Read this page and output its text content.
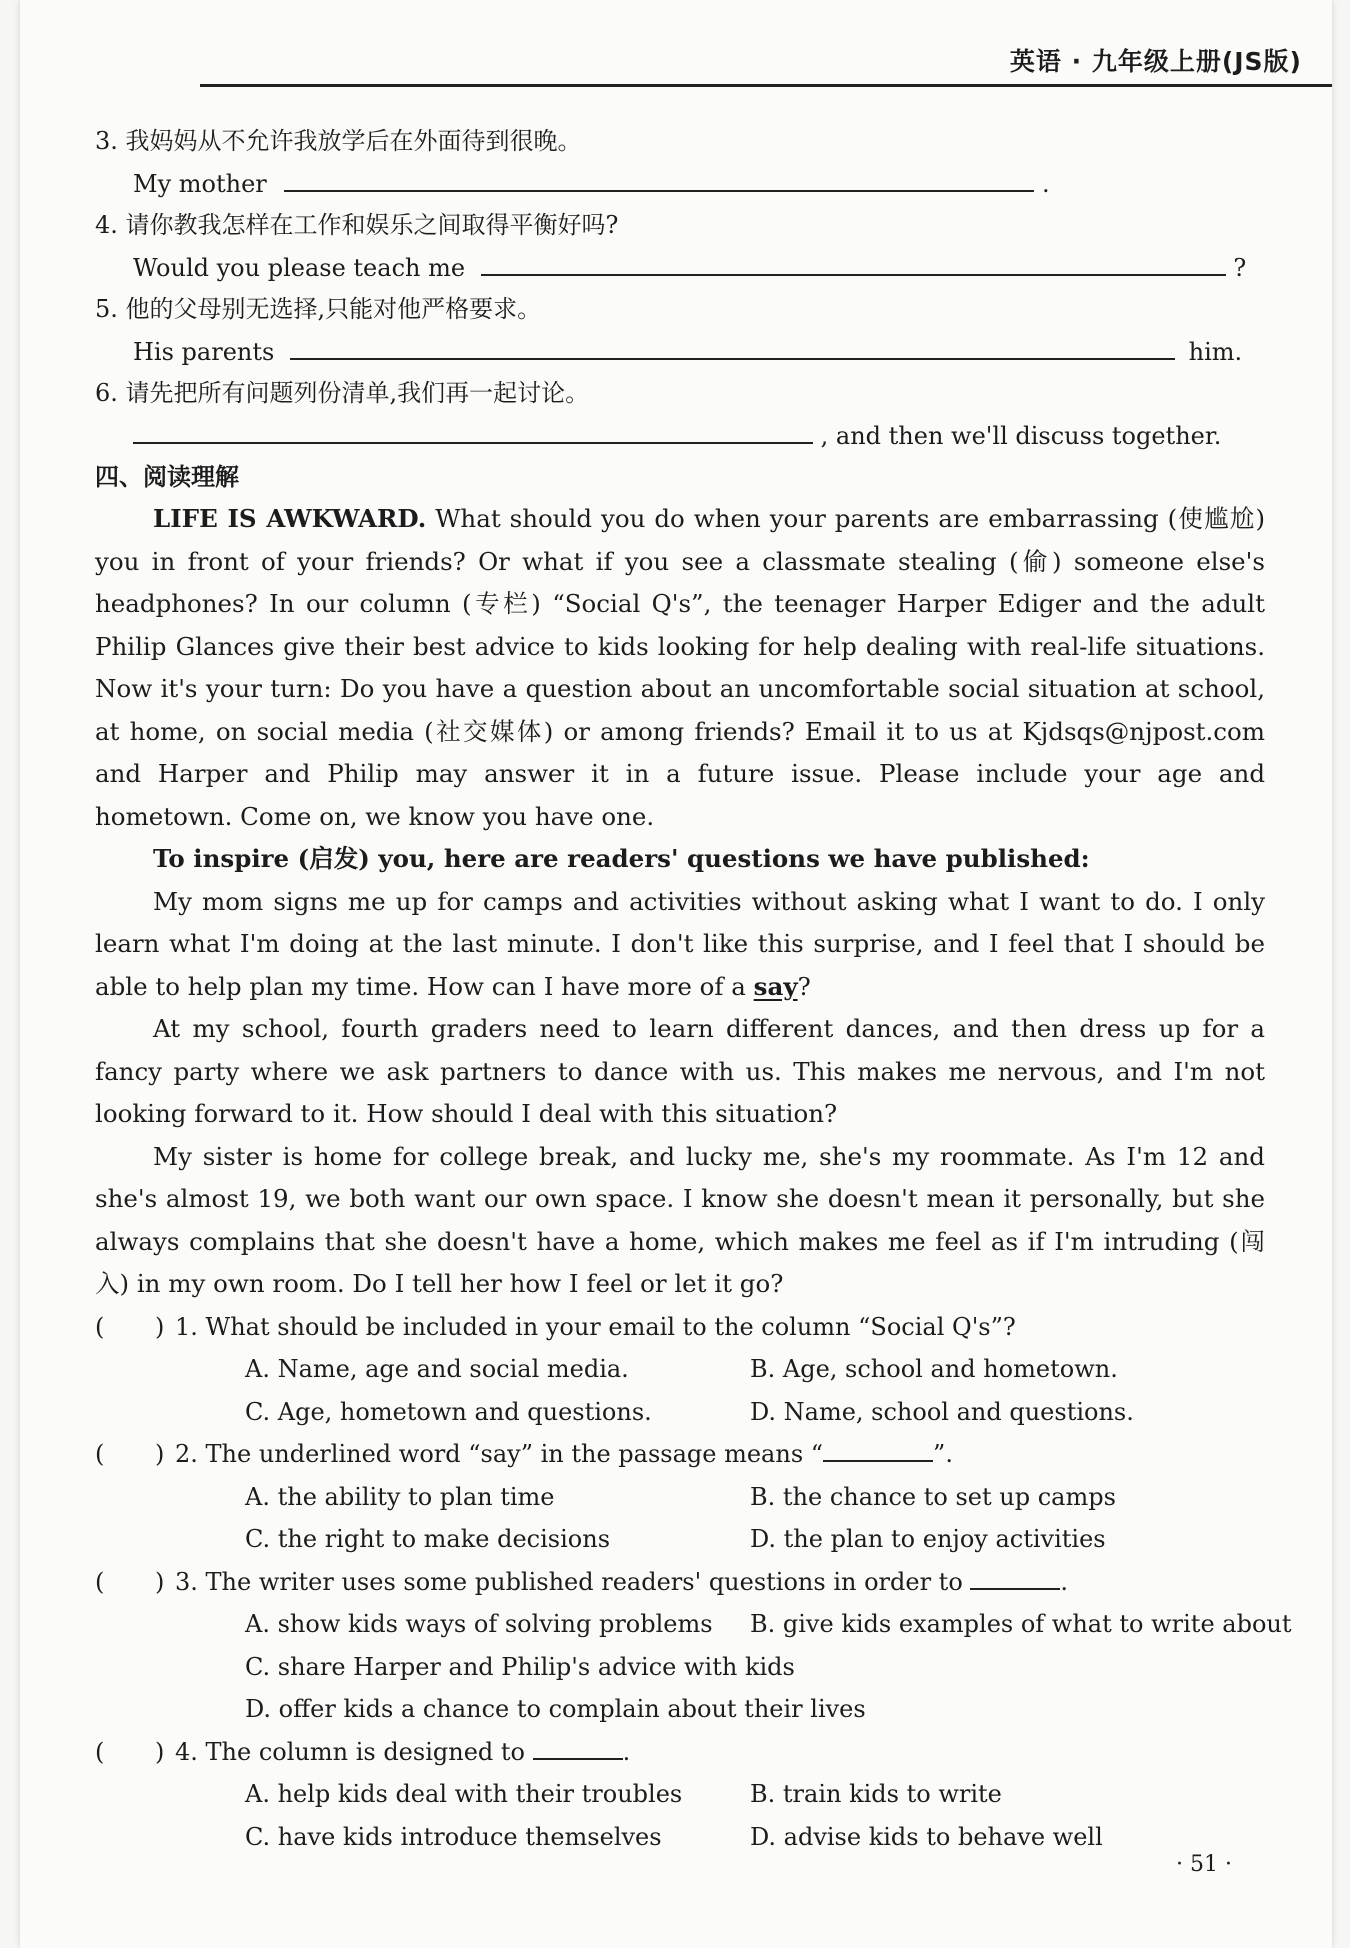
英语 · 九年级上册(JS版)
3. 我妈妈从不允许我放学后在外面待到很晚。
My mother	.
4. 请你教我怎样在工作和娱乐之间取得平衡好吗?
Would you please teach me	?
5. 他的父母别无选择,只能对他严格要求。
His parents	him.
6. 请先把所有问题列份清单,我们再一起讨论。
, and then we'll discuss together.
四、阅读理解

LIFE IS AWKWARD. What should you do when your parents are embarrassing (使尴尬) you in front of your friends? Or what if you see a classmate stealing (偷) someone else's headphones? In our column (专栏) “Social Q's”, the teenager Harper Ediger and the adult Philip Glances give their best advice to kids looking for help dealing with real-life situations. Now it's your turn: Do you have a question about an uncomfortable social situation at school, at home, on social media (社交媒体) or among friends? Email it to us at Kjdsqs@njpost.com and Harper and Philip may answer it in a future issue. Please include your age and hometown. Come on, we know you have one.

To inspire (启发) you, here are readers' questions we have published:

My mom signs me up for camps and activities without asking what I want to do. I only learn what I'm doing at the last minute. I don't like this surprise, and I feel that I should be able to help plan my time. How can I have more of a say?

At my school, fourth graders need to learn different dances, and then dress up for a fancy party where we ask partners to dance with us. This makes me nervous, and I'm not looking forward to it. How should I deal with this situation?

My sister is home for college break, and lucky me, she's my roommate. As I'm 12 and she's almost 19, we both want our own space. I know she doesn't mean it personally, but she always complains that she doesn't have a home, which makes me feel as if I'm intruding (闯入) in my own room. Do I tell her how I feel or let it go?

( ) 1. What should be included in your email to the column “Social Q's”?
A. Name, age and social media.	B. Age, school and hometown.
C. Age, hometown and questions.	D. Name, school and questions.
( ) 2. The underlined word “say” in the passage means “	”.
A. the ability to plan time	B. the chance to set up camps
C. the right to make decisions	D. the plan to enjoy activities
( ) 3. The writer uses some published readers' questions in order to	.
A. show kids ways of solving problems B. give kids examples of what to write about
C. share Harper and Philip's advice with kids
D. offer kids a chance to complain about their lives
( ) 4. The column is designed to	.
A. help kids deal with their troubles	B. train kids to write
C. have kids introduce themselves	D. advise kids to behave well
· 51 ·
